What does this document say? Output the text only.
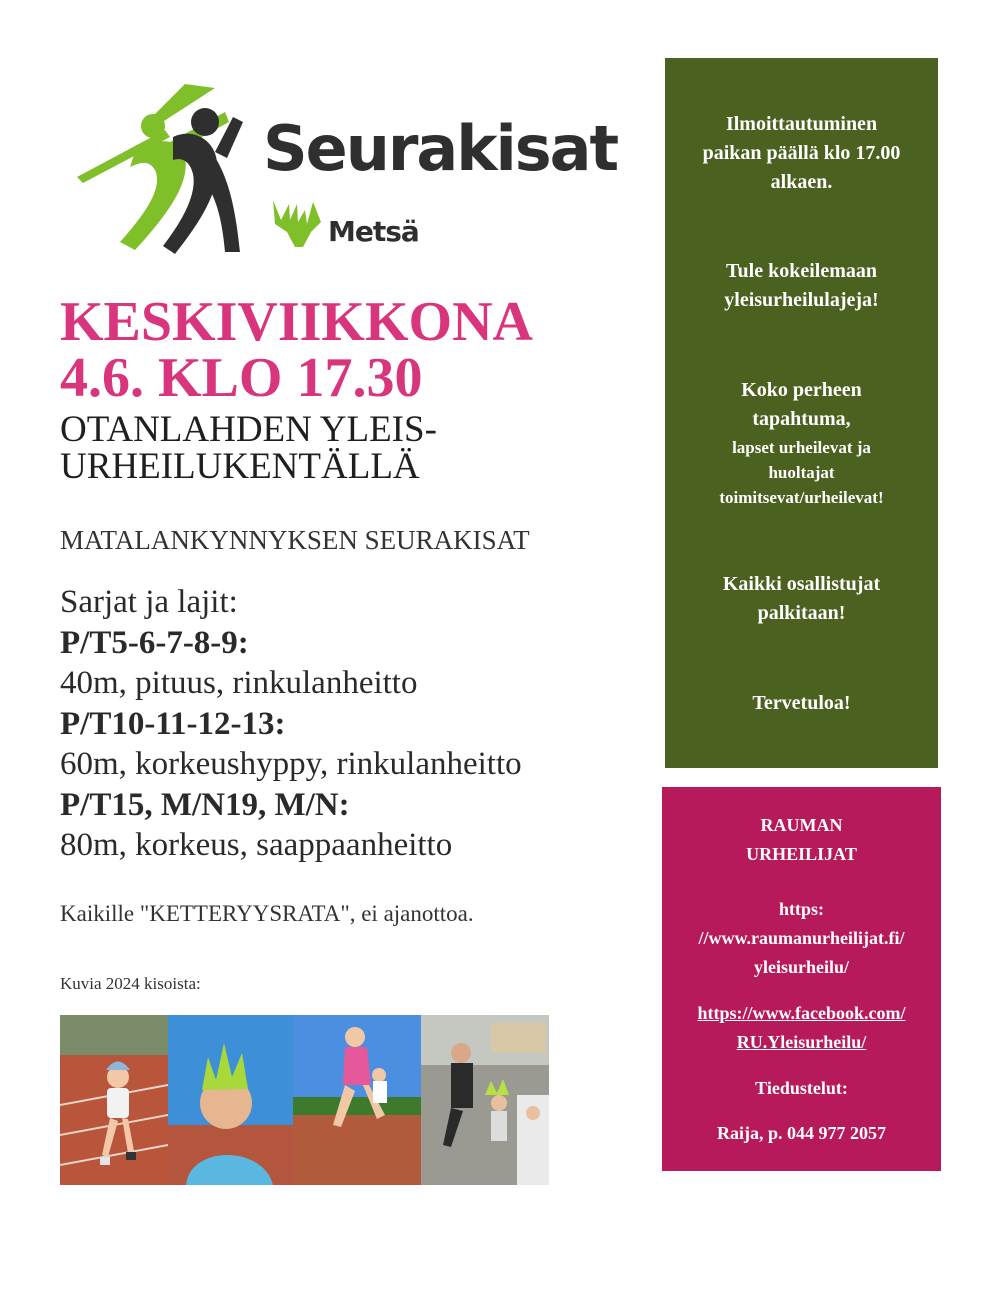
Seurakisat
Metsä
KESKIVIIKKONA
4.6. KLO 17.30
OTANLAHDEN YLEIS-
URHEILUKENTÄLLÄ
MATALANKYNNYKSEN SEURAKISAT
Sarjat ja lajit:
P/T5-6-7-8-9:
40m, pituus, rinkulanheitto
P/T10-11-12-13:
60m, korkeushyppy, rinkulanheitto
P/T15, M/N19, M/N:
80m, korkeus, saappaanheitto
Kaikille "KETTERYYSRATA", ei ajanottoa.
Kuvia 2024 kisoista:

Ilmoittautuminen
paikan päällä klo 17.00
alkaen.

Tule kokeilemaan
yleisurheilulajeja!

Koko perheen
tapahtuma,

lapset urheilevat ja
huoltajat
toimitsevat/urheilevat!

Kaikki osallistujat
palkitaan!

Tervetuloa!

RAUMAN
URHEILIJAT

https:
//www.raumanurheilijat.fi/
yleisurheilu/

https://www.facebook.com/
RU.Yleisurheilu/

Tiedustelut:

Raija, p. 044 977 2057
